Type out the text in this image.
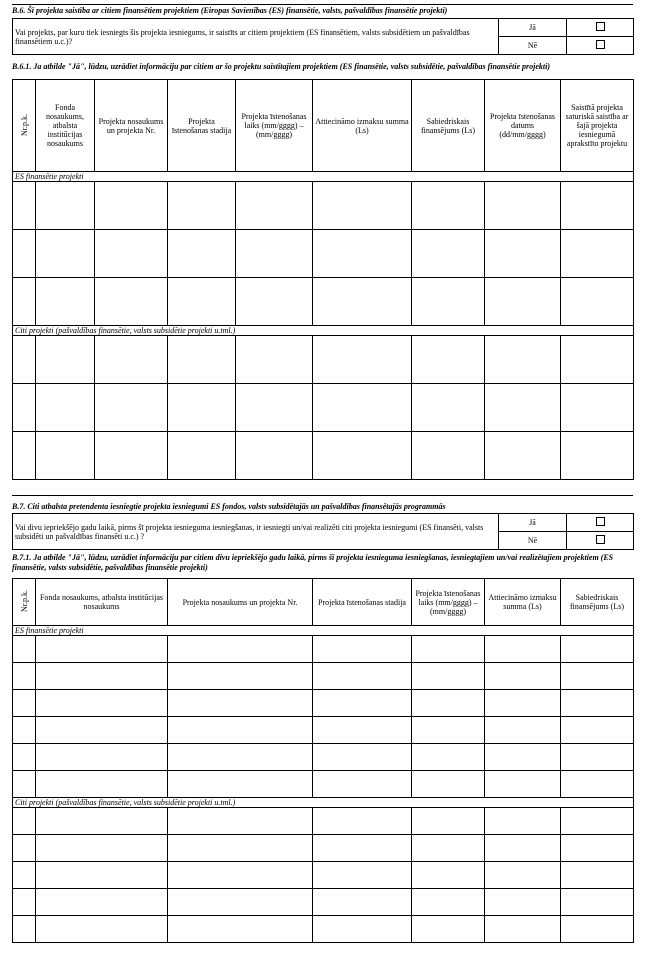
B.6. Šī projekta saistība ar citiem finansētiem projektiem (Eiropas Savienības (ES) finansētie, valsts, pašvaldības finansētie projekti)
Vai projekts, par kuru tiek iesniegts šis projekta iesniegums, ir saistīts ar citiem projektiem (ES finansētiem, valsts subsidētiem un pašvaldības finansētiem u.c.)?	Jā	
	Nē	
B.6.1. Ja atbilde "Jā", lūdzu, uzrādiet informāciju par citiem ar šo projektu saistītajiem projektiem (ES finansētie, valsts subsidētie, pašvaldības finansētie projekti)
Nr.p.k.	Fonda nosaukums, atbalsta institūcijas nosaukums	Projekta nosaukums un projekta Nr.	Projekta īstenošanas stadija	Projekta īstenošanas laiks (mm/gggg) – (mm/gggg)	Attiecināmo izmaksu summa (Ls)	Sabiedriskais finansējums (Ls)	Projekta īstenošanas datums (dd/mm/gggg)	Saistītā projekta saturiskā saistība ar šajā projekta iesniegumā aprakstīto projektu
ES finansētie projekti								

Citi projekti (pašvaldības finansētie, valsts subsidētie projekti u.tml.)								

B.7. Citi atbalsta pretendenta iesniegtie projekta iesniegumi ES fondos, valsts subsidētajās un pašvaldības finansētajās programmās
Vai divu iepriekšējo gadu laikā, pirms šī projekta iesnieguma iesniegšanas, ir iesniegti un/vai realizēti citi projekta iesniegumi (ES finansēti, valsts subsidēti un pašvaldības finansēti u.c.) ?	Jā	
	Nē	
B.7.1. Ja atbilde "Jā", lūdzu, uzrādiet informāciju par citiem divu iepriekšējo gadu laikā, pirms šī projekta iesnieguma iesniegšanas, iesniegtajiem un/vai realizētajiem projektiem (ES finansētie, valsts subsidētie, pašvaldības finansētie projekti)
Nr.p.k.	Fonda nosaukums, atbalsta institūcijas nosaukums	Projekta nosaukums un projekta Nr.	Projekta īstenošanas stadija	Projekta īstenošanas laiks (mm/gggg) – (mm/gggg)	Attiecināmo izmaksu summa (Ls)	Sabiedriskais finansējums (Ls)
ES finansētie projekti						

Citi projekti (pašvaldības finansētie, valsts subsidētie projekti u.tml.)						
